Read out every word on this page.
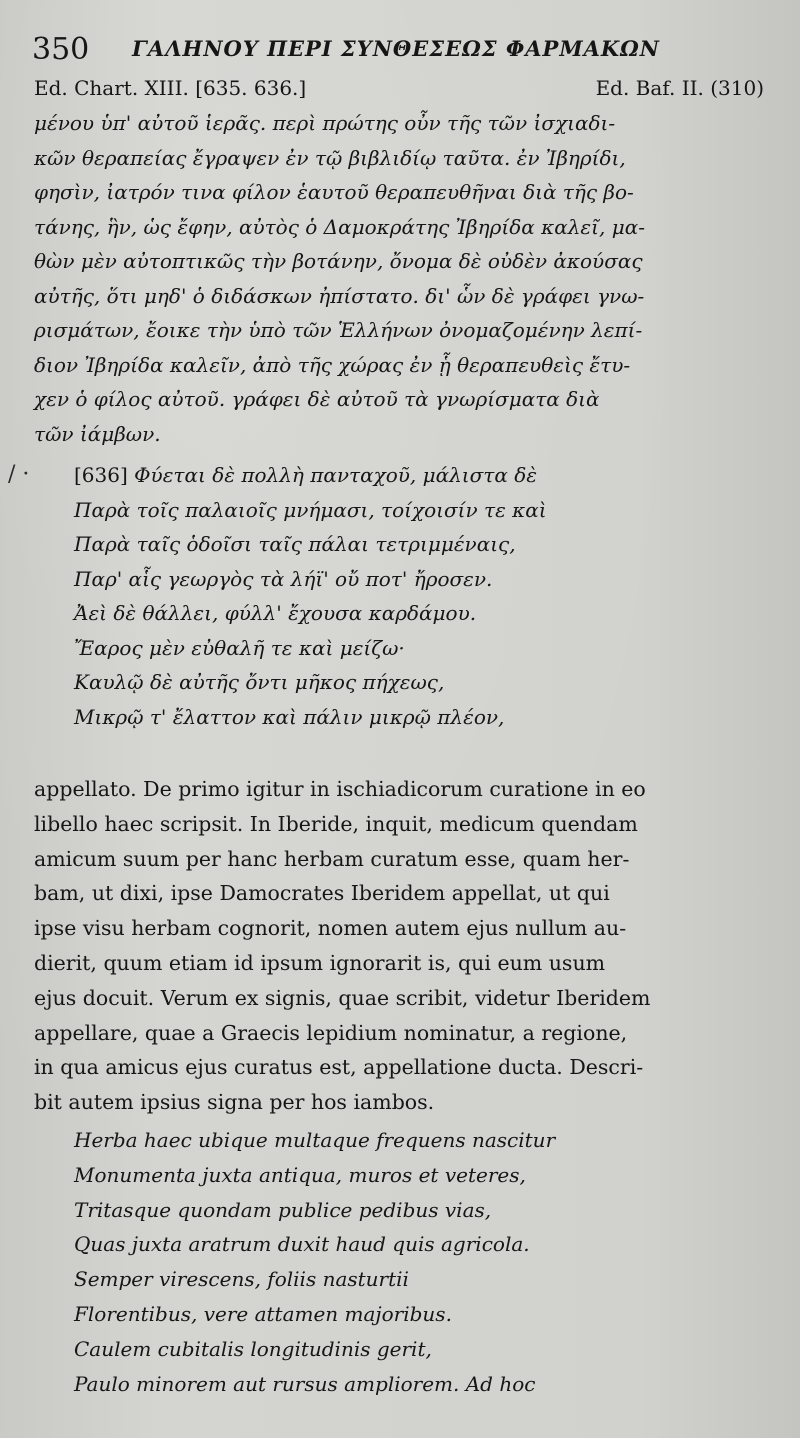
350 ΓΑΛΗΝΟΥ ΠΕΡΙ ΣΥΝΘΕΣΕΩΣ ΦΑΡΜΑΚΩΝ
Ed. Chart. XIII. [635. 636.]	Ed. Baf. II. (310)
μένου ὑπ' αὐτοῦ ἱερᾶς. περὶ πρώτης οὖν τῆς τῶν ἰσχιαδι-
κῶν θεραπείας ἔγραψεν ἐν τῷ βιβλιδίῳ ταῦτα. ἐν Ἰβηρίδι,
φησὶν, ἰατρόν τινα φίλον ἑαυτοῦ θεραπευθῆναι διὰ τῆς βο-
τάνης, ἣν, ὡς ἔφην, αὐτὸς ὁ Δαμοκράτης Ἰβηρίδα καλεῖ, μα-
θὼν μὲν αὐτοπτικῶς τὴν βοτάνην, ὄνομα δὲ οὐδὲν ἀκούσας
αὐτῆς, ὅτι μηδ' ὁ διδάσκων ἠπίστατο. δι' ὧν δὲ γράφει γνω-
ρισμάτων, ἔοικε τὴν ὑπὸ τῶν Ἑλλήνων ὀνομαζομένην λεπί-
διον Ἰβηρίδα καλεῖν, ἀπὸ τῆς χώρας ἐν ᾗ θεραπευθεὶς ἔτυ-
χεν ὁ φίλος αὐτοῦ. γράφει δὲ αὐτοῦ τὰ γνωρίσματα διὰ
τῶν ἰάμβων.
/ ·	[636] Φύεται δὲ πολλὴ πανταχοῦ, μάλιστα δὲ
Παρὰ τοῖς παλαιοῖς μνήμασι, τοίχοισίν τε καὶ
Παρὰ ταῖς ὁδοῖσι ταῖς πάλαι τετριμμέναις,
Παρ' αἷς γεωργὸς τὰ λήϊ' οὔ ποτ' ἤροσεν.
Ἀεὶ δὲ θάλλει, φύλλ' ἔχουσα καρδάμου.
Ἔαρος μὲν εὐθαλῆ τε καὶ μείζω·
Καυλῷ δὲ αὐτῆς ὄντι μῆκος πήχεως,
Μικρῷ τ' ἔλαττον καὶ πάλιν μικρῷ πλέον,
appellato. De primo igitur in ischiadicorum curatione in eo
libello haec scripsit. In Iberide, inquit, medicum quendam
amicum suum per hanc herbam curatum esse, quam her-
bam, ut dixi, ipse Damocrates Iberidem appellat, ut qui
ipse visu herbam cognorit, nomen autem ejus nullum au-
dierit, quum etiam id ipsum ignorarit is, qui eum usum
ejus docuit. Verum ex signis, quae scribit, videtur Iberidem
appellare, quae a Graecis lepidium nominatur, a regione,
in qua amicus ejus curatus est, appellatione ducta. Descri-
bit autem ipsius signa per hos iambos.
Herba haec ubique multaque frequens nascitur
Monumenta juxta antiqua, muros et veteres,
Tritasque quondam publice pedibus vias,
Quas juxta aratrum duxit haud quis agricola.
Semper virescens, foliis nasturtii
Florentibus, vere attamen majoribus.
Caulem cubitalis longitudinis gerit,
Paulo minorem aut rursus ampliorem. Ad hoc
